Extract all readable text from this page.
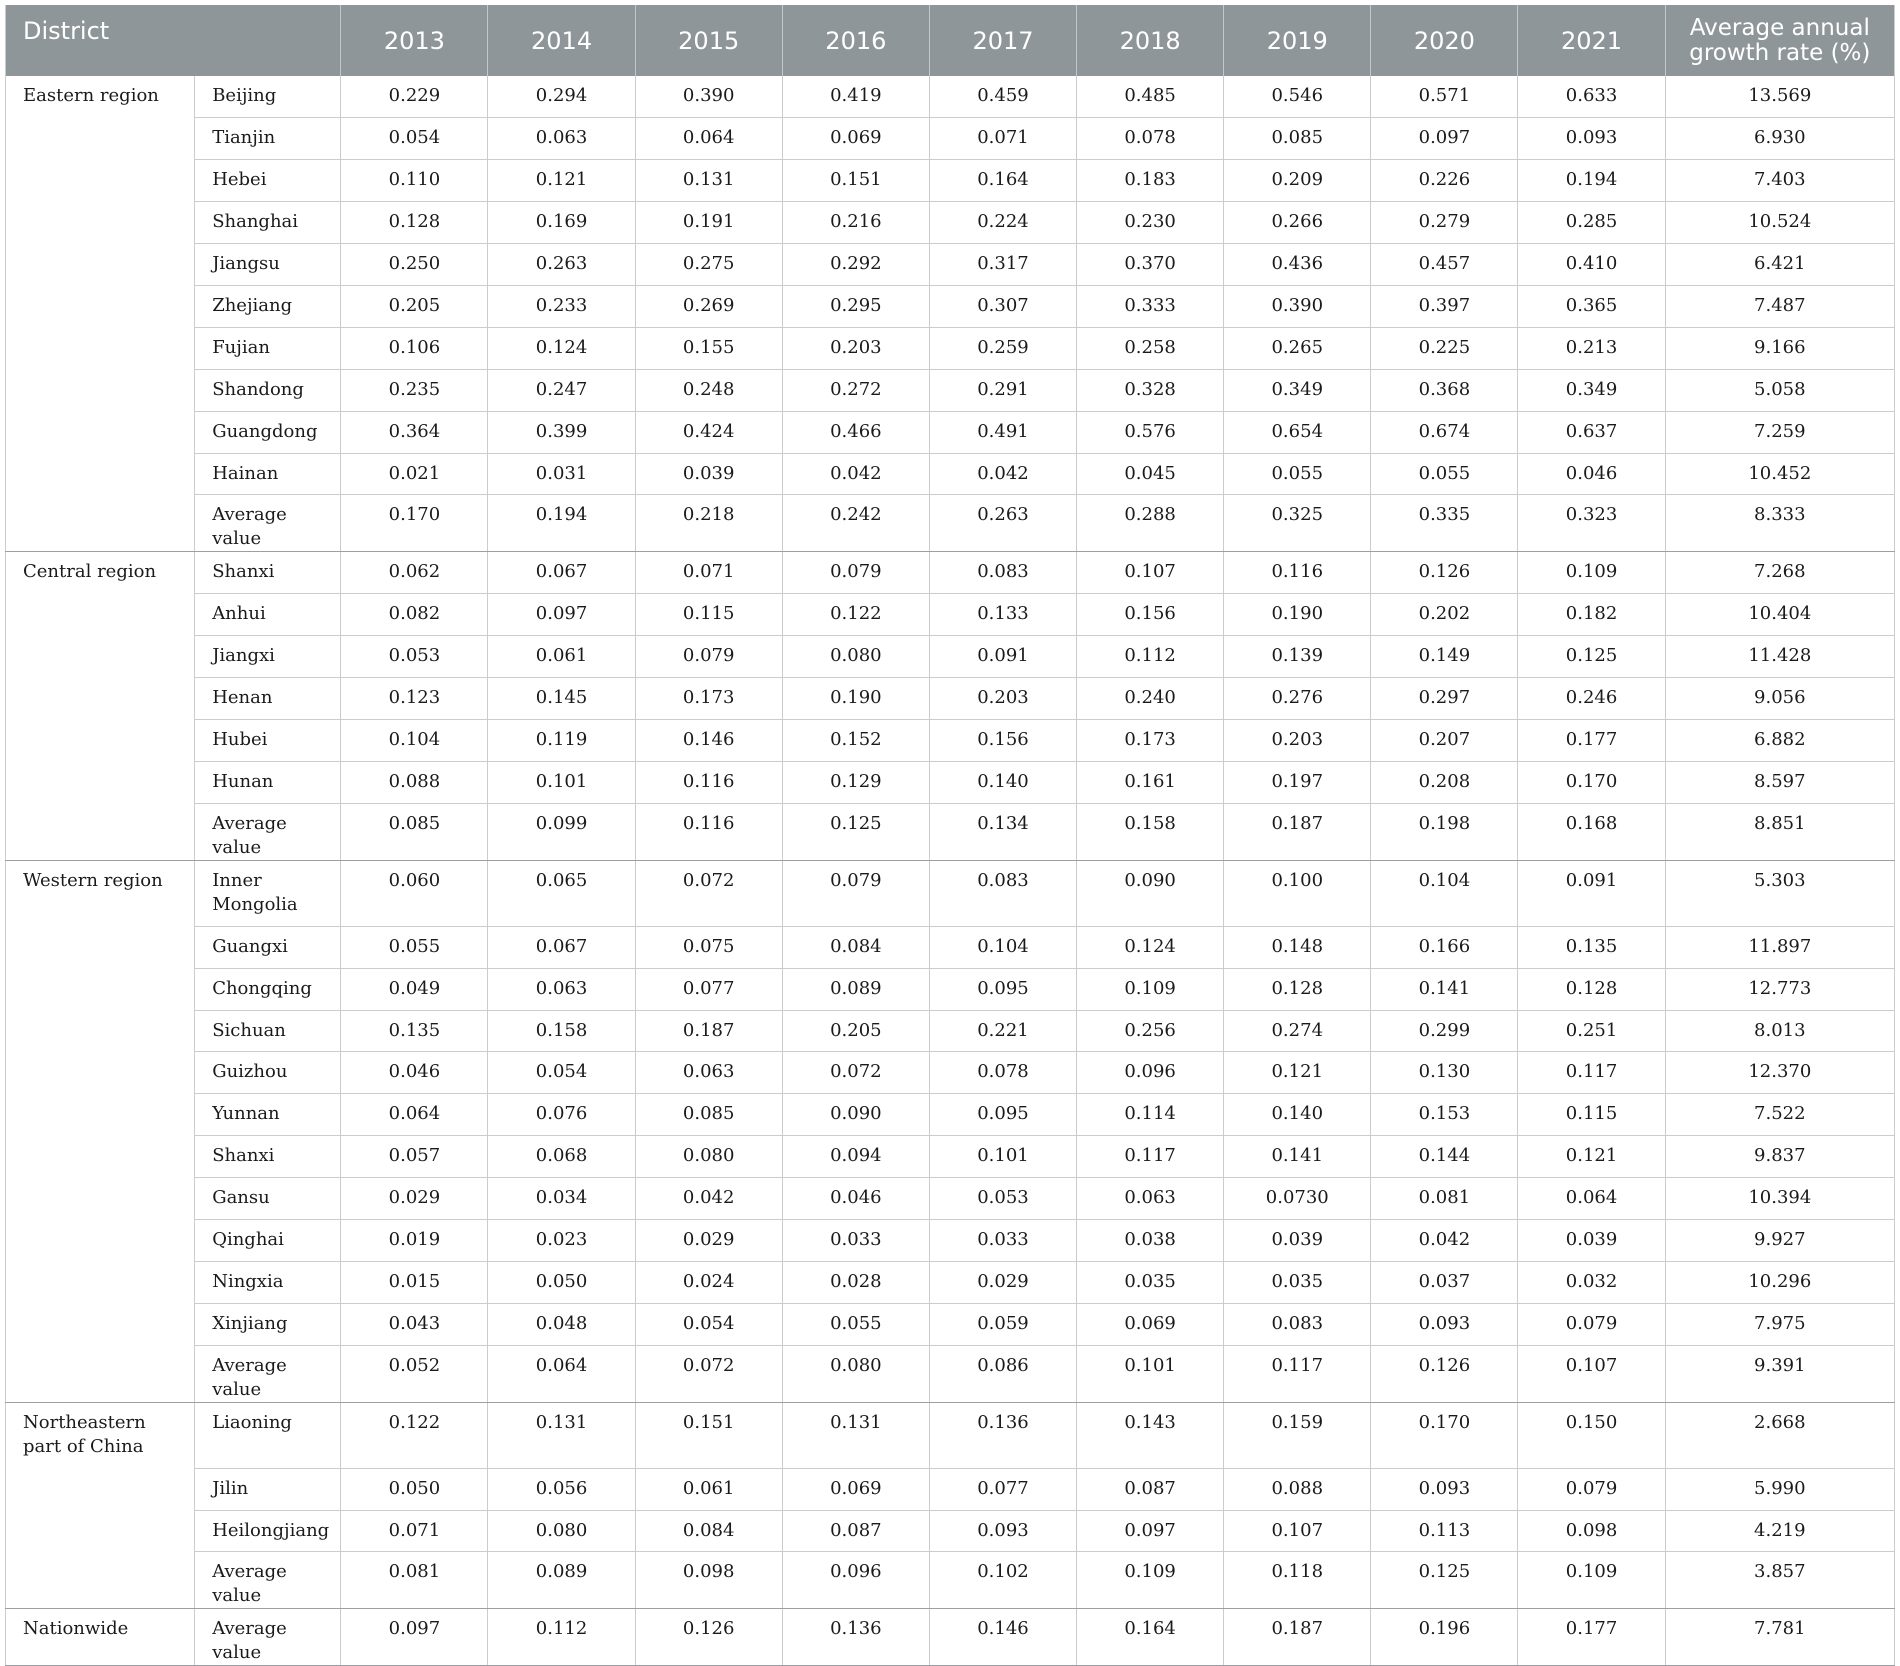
District		2013	2014	2015	2016	2017	2018	2019	2020	2021	Average annual growth rate (%)
Eastern region	Beijing	0.229	0.294	0.390	0.419	0.459	0.485	0.546	0.571	0.633	13.569
	Tianjin	0.054	0.063	0.064	0.069	0.071	0.078	0.085	0.097	0.093	6.930
	Hebei	0.110	0.121	0.131	0.151	0.164	0.183	0.209	0.226	0.194	7.403
	Shanghai	0.128	0.169	0.191	0.216	0.224	0.230	0.266	0.279	0.285	10.524
	Jiangsu	0.250	0.263	0.275	0.292	0.317	0.370	0.436	0.457	0.410	6.421
	Zhejiang	0.205	0.233	0.269	0.295	0.307	0.333	0.390	0.397	0.365	7.487
	Fujian	0.106	0.124	0.155	0.203	0.259	0.258	0.265	0.225	0.213	9.166
	Shandong	0.235	0.247	0.248	0.272	0.291	0.328	0.349	0.368	0.349	5.058
	Guangdong	0.364	0.399	0.424	0.466	0.491	0.576	0.654	0.674	0.637	7.259
	Hainan	0.021	0.031	0.039	0.042	0.042	0.045	0.055	0.055	0.046	10.452
	Average value	0.170	0.194	0.218	0.242	0.263	0.288	0.325	0.335	0.323	8.333
Central region	Shanxi	0.062	0.067	0.071	0.079	0.083	0.107	0.116	0.126	0.109	7.268
	Anhui	0.082	0.097	0.115	0.122	0.133	0.156	0.190	0.202	0.182	10.404
	Jiangxi	0.053	0.061	0.079	0.080	0.091	0.112	0.139	0.149	0.125	11.428
	Henan	0.123	0.145	0.173	0.190	0.203	0.240	0.276	0.297	0.246	9.056
	Hubei	0.104	0.119	0.146	0.152	0.156	0.173	0.203	0.207	0.177	6.882
	Hunan	0.088	0.101	0.116	0.129	0.140	0.161	0.197	0.208	0.170	8.597
	Average value	0.085	0.099	0.116	0.125	0.134	0.158	0.187	0.198	0.168	8.851
Western region	Inner Mongolia	0.060	0.065	0.072	0.079	0.083	0.090	0.100	0.104	0.091	5.303
	Guangxi	0.055	0.067	0.075	0.084	0.104	0.124	0.148	0.166	0.135	11.897
	Chongqing	0.049	0.063	0.077	0.089	0.095	0.109	0.128	0.141	0.128	12.773
	Sichuan	0.135	0.158	0.187	0.205	0.221	0.256	0.274	0.299	0.251	8.013
	Guizhou	0.046	0.054	0.063	0.072	0.078	0.096	0.121	0.130	0.117	12.370
	Yunnan	0.064	0.076	0.085	0.090	0.095	0.114	0.140	0.153	0.115	7.522
	Shanxi	0.057	0.068	0.080	0.094	0.101	0.117	0.141	0.144	0.121	9.837
	Gansu	0.029	0.034	0.042	0.046	0.053	0.063	0.0730	0.081	0.064	10.394
	Qinghai	0.019	0.023	0.029	0.033	0.033	0.038	0.039	0.042	0.039	9.927
	Ningxia	0.015	0.050	0.024	0.028	0.029	0.035	0.035	0.037	0.032	10.296
	Xinjiang	0.043	0.048	0.054	0.055	0.059	0.069	0.083	0.093	0.079	7.975
	Average value	0.052	0.064	0.072	0.080	0.086	0.101	0.117	0.126	0.107	9.391
Northeastern part of China	Liaoning	0.122	0.131	0.151	0.131	0.136	0.143	0.159	0.170	0.150	2.668
	Jilin	0.050	0.056	0.061	0.069	0.077	0.087	0.088	0.093	0.079	5.990
	Heilongjiang	0.071	0.080	0.084	0.087	0.093	0.097	0.107	0.113	0.098	4.219
	Average value	0.081	0.089	0.098	0.096	0.102	0.109	0.118	0.125	0.109	3.857
Nationwide	Average value	0.097	0.112	0.126	0.136	0.146	0.164	0.187	0.196	0.177	7.781
